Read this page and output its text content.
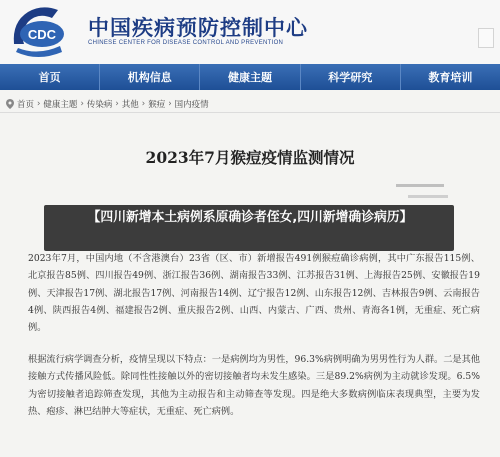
CDC 中国疾病预防控制中心
CHINESE CENTER FOR DISEASE CONTROL AND PREVENTION
首页	机构信息	健康主题	科学研究	教育培训
首页 › 健康主题 › 传染病 › 其他 › 猴痘 › 国内疫情
2023年7月猴痘疫情监测情况
2023年7月，中国内地（不含港澳台）23省（区、市）新增报告491例猴痘确诊病例，其中广东报告115例、北京报告85例、四川报告49例、浙江报告36例、湖南报告33例、江苏报告31例、上海报告25例、安徽报告19例、天津报告17例、湖北报告17例、河南报告14例、辽宁报告12例、山东报告12例、吉林报告9例、云南报告4例、陕西报告4例、福建报告2例、重庆报告2例、山西、内蒙古、广西、贵州、青海各1例，无重症、死亡病例。
根据流行病学调查分析，疫情呈现以下特点：一是病例均为男性，96.3%病例明确为男男性行为人群。二是其他接触方式传播风险低。除同性性接触以外的密切接触者均未发生感染。三是89.2%病例为主动就诊发现。6.5%为密切接触者追踪筛查发现，其他为主动报告和主动筛查等发现。四是绝大多数病例临床表现典型，主要为发热、疱疹、淋巴结肿大等症状，无重症、死亡病例。
【四川新增本土病例系原确诊者侄女,四川新增确诊病历】
